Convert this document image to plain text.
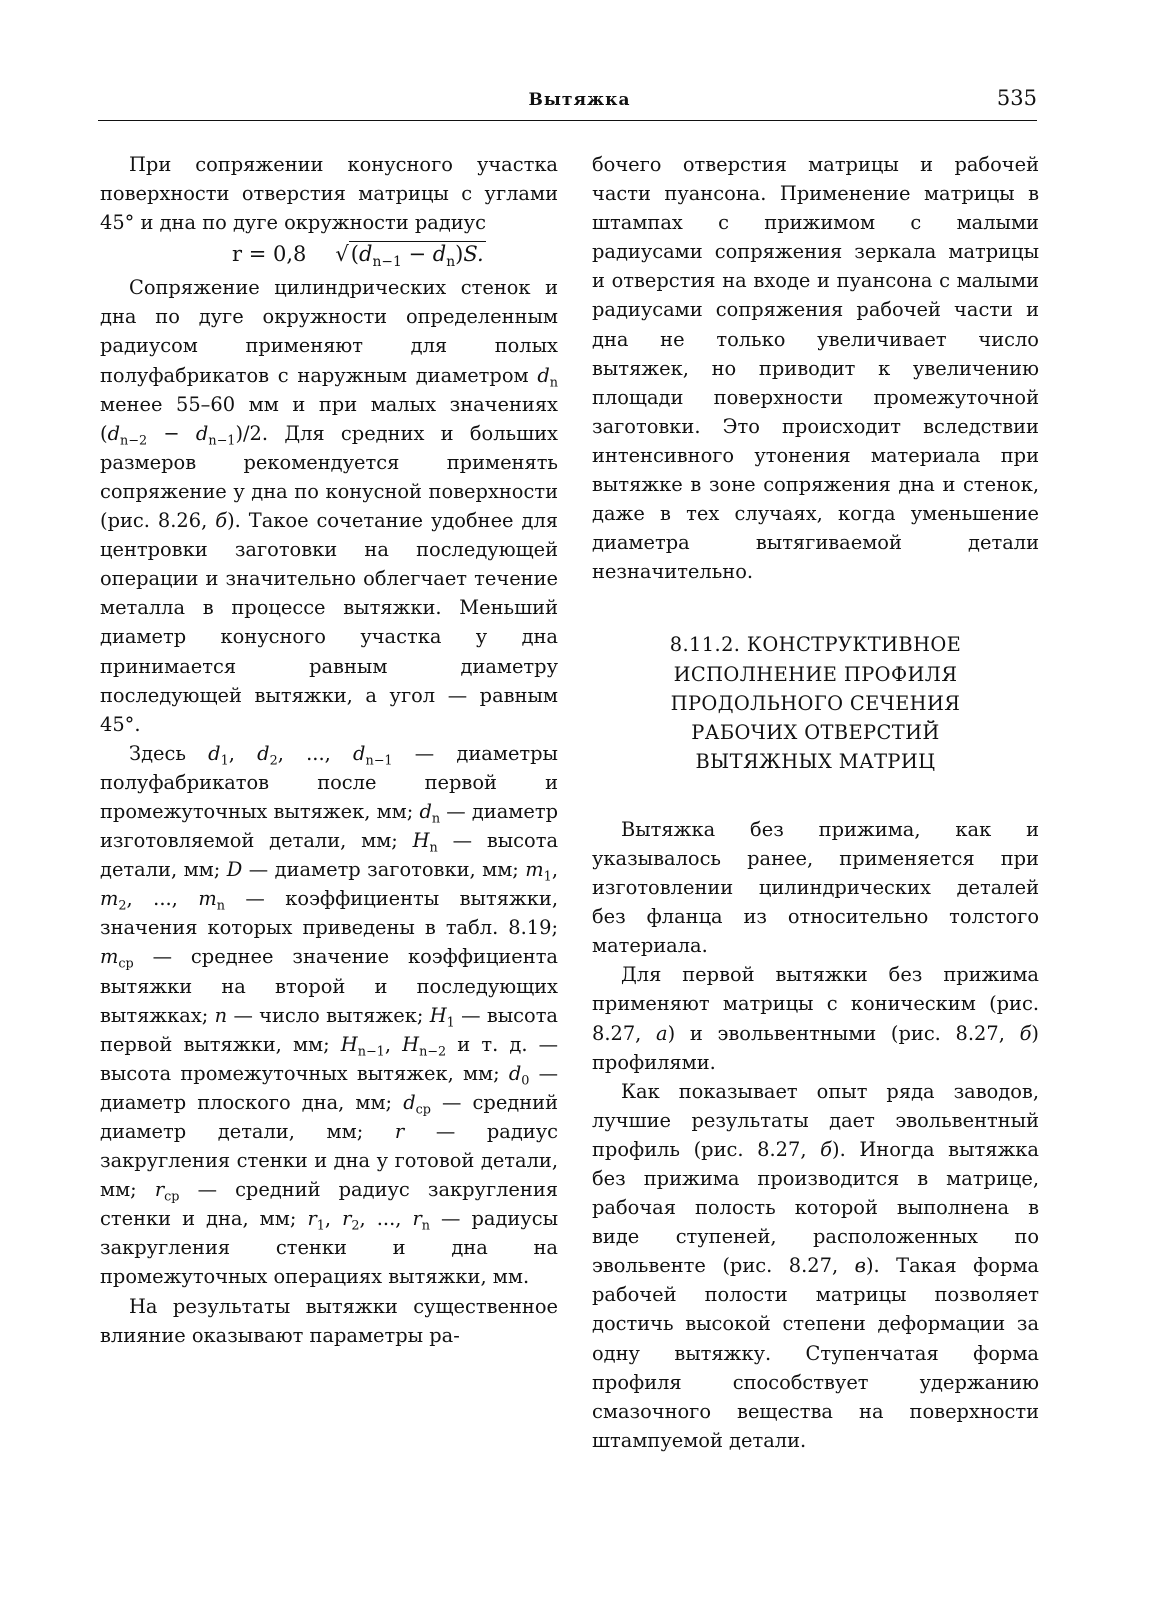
Вытяжка	535

При сопряжении конусного участка поверхности отверстия матрицы с углами 45° и дна по дуге окружности радиус

r = 0,8 $√(d_{n-1} - d_n)S$.

Сопряжение цилиндрических стенок и дна по дуге окружности определенным радиусом применяют для полых полуфабрикатов с наружным диаметром $d_n$ менее 55–60 мм и при малых значениях $(d_{n-2} - d_{n-1})/2$. Для средних и больших размеров рекомендуется применять сопряжение у дна по конусной поверхности (рис. 8.26, б). Такое сочетание удобнее для центровки заготовки на последующей операции и значительно облегчает течение металла в процессе вытяжки. Меньший диаметр конусного участка у дна принимается равным диаметру последующей вытяжки, а угол — равным 45°.

Здесь $d_1$, $d_2$, ..., $d_{n-1}$ — диаметры полуфабрикатов после первой и промежуточных вытяжек, мм; $d_n$ — диаметр изготовляемой детали, мм; $H_n$ — высота детали, мм; D — диаметр заготовки, мм; $m_1$, $m_2$, ..., $m_n$ — коэффициенты вытяжки, значения которых приведены в табл. 8.19; $m_{ср}$ — среднее значение коэффициента вытяжки на второй и последующих вытяжках; n — число вытяжек; $H_1$ — высота первой вытяжки, мм; $H_{n-1}$, $H_{n-2}$ и т. д. — высота промежуточных вытяжек, мм; $d_0$ — диаметр плоского дна, мм; $d_{ср}$ — средний диаметр детали, мм; r — радиус закругления стенки и дна у готовой детали, мм; $r_{ср}$ — средний радиус закругления стенки и дна, мм; $r_1$, $r_2$, ..., $r_n$ — радиусы закругления стенки и дна на промежуточных операциях вытяжки, мм.

На результаты вытяжки существенное влияние оказывают параметры ра-

бочего отверстия матрицы и рабочей части пуансона. Применение матрицы в штампах с прижимом с малыми радиусами сопряжения зеркала матрицы и отверстия на входе и пуансона с малыми радиусами сопряжения рабочей части и дна не только увеличивает число вытяжек, но приводит к увеличению площади поверхности промежуточной заготовки. Это происходит вследствии интенсивного утонения материала при вытяжке в зоне сопряжения дна и стенок, даже в тех случаях, когда уменьшение диаметра вытягиваемой детали незначительно.

8.11.2. КОНСТРУКТИВНОЕ
ИСПОЛНЕНИЕ ПРОФИЛЯ
ПРОДОЛЬНОГО СЕЧЕНИЯ
РАБОЧИХ ОТВЕРСТИЙ
ВЫТЯЖНЫХ МАТРИЦ

Вытяжка без прижима, как и указывалось ранее, применяется при изготовлении цилиндрических деталей без фланца из относительно толстого материала.

Для первой вытяжки без прижима применяют матрицы с коническим (рис. 8.27, а) и эвольвентными (рис. 8.27, б) профилями.

Как показывает опыт ряда заводов, лучшие результаты дает эвольвентный профиль (рис. 8.27, б). Иногда вытяжка без прижима производится в матрице, рабочая полость которой выполнена в виде ступеней, расположенных по эвольвенте (рис. 8.27, в). Такая форма рабочей полости матрицы позволяет достичь высокой степени деформации за одну вытяжку. Ступенчатая форма профиля способствует удержанию смазочного вещества на поверхности штампуемой детали.
